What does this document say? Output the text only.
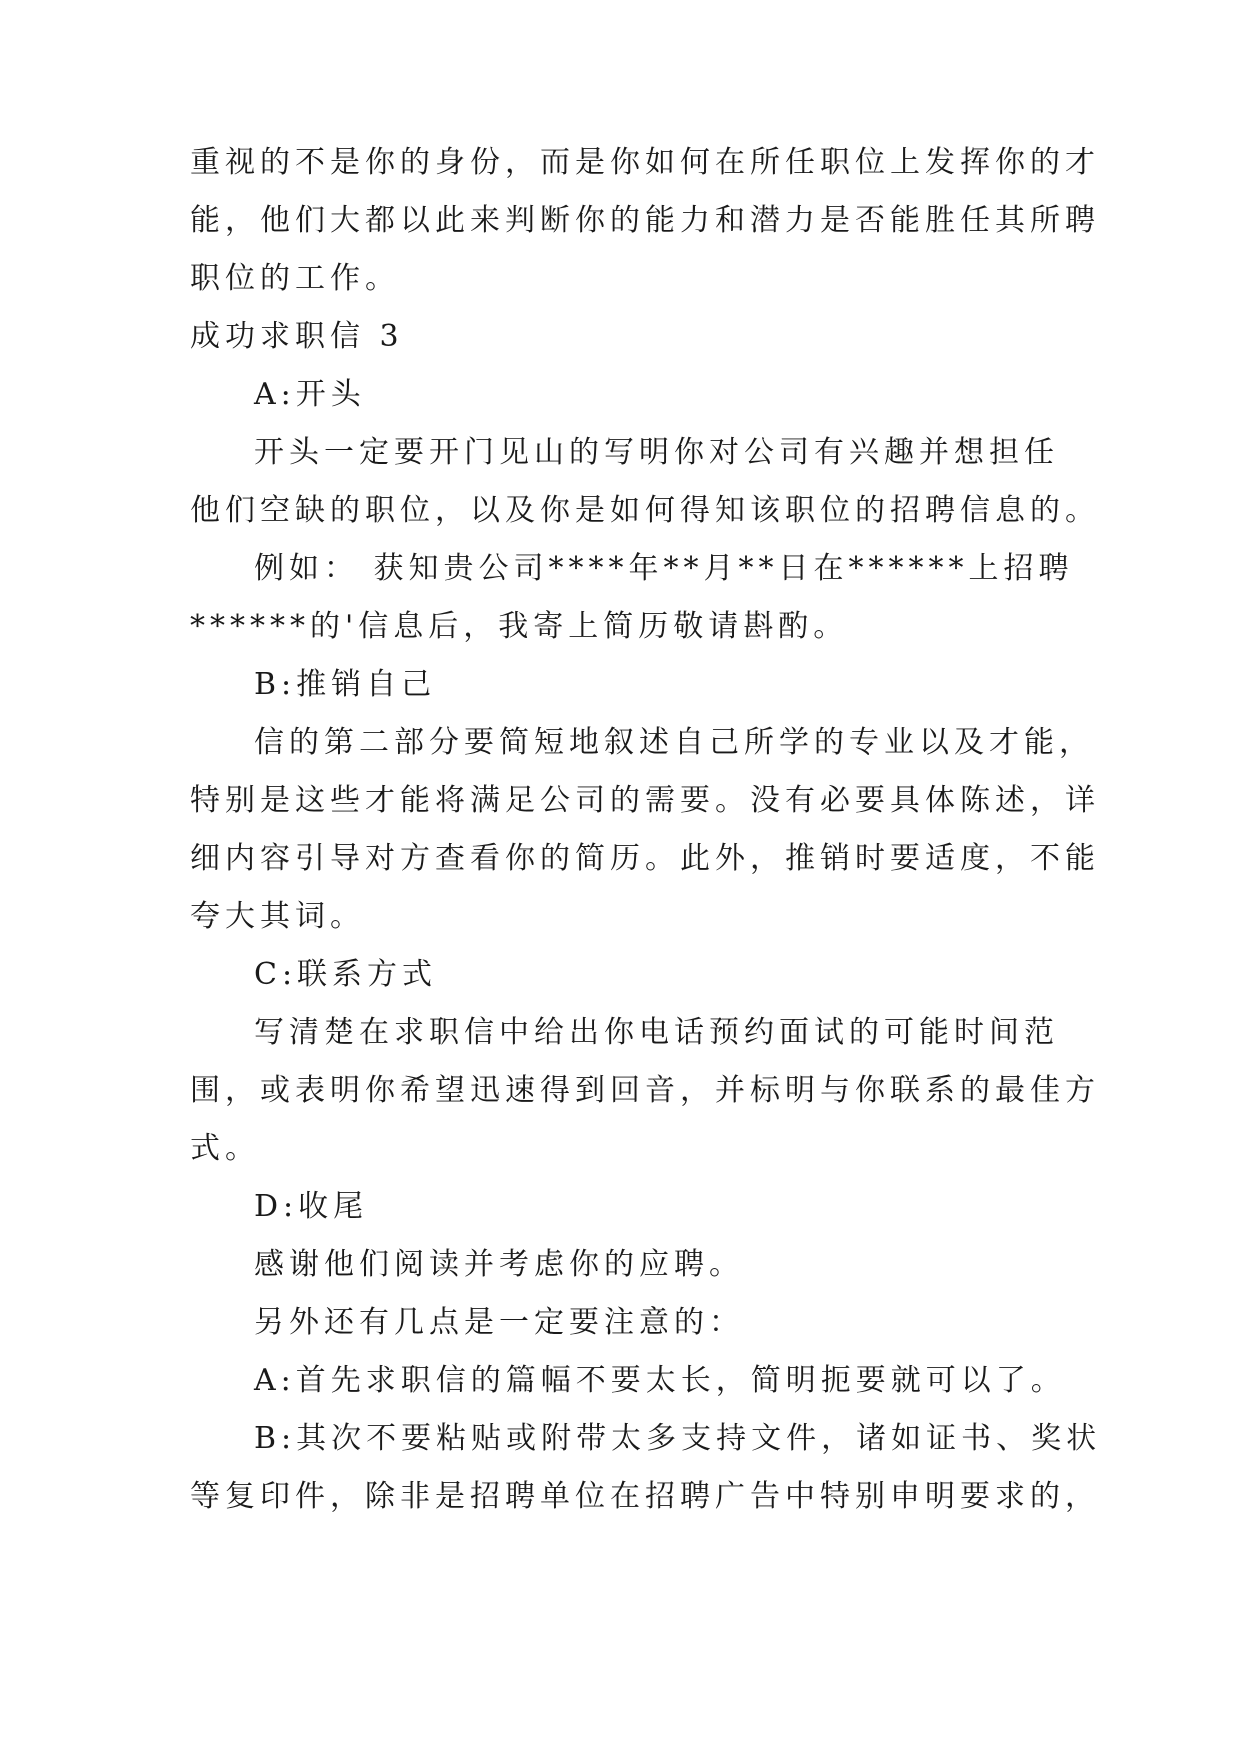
重视的不是你的身份，而是你如何在所任职位上发挥你的才
能，他们大都以此来判断你的能力和潜力是否能胜任其所聘
职位的工作。
成功求职信 3
A:开头
开头一定要开门见山的写明你对公司有兴趣并想担任
他们空缺的职位，以及你是如何得知该职位的招聘信息的。
例如： 获知贵公司****年**月**日在******上招聘
******的'信息后，我寄上简历敬请斟酌。
B:推销自己
信的第二部分要简短地叙述自己所学的专业以及才能，
特别是这些才能将满足公司的需要。没有必要具体陈述，详
细内容引导对方查看你的简历。此外，推销时要适度，不能
夸大其词。
C:联系方式
写清楚在求职信中给出你电话预约面试的可能时间范
围，或表明你希望迅速得到回音，并标明与你联系的最佳方
式。
D:收尾
感谢他们阅读并考虑你的应聘。
另外还有几点是一定要注意的：
A:首先求职信的篇幅不要太长，简明扼要就可以了。
B:其次不要粘贴或附带太多支持文件，诸如证书、奖状
等复印件，除非是招聘单位在招聘广告中特别申明要求的，
